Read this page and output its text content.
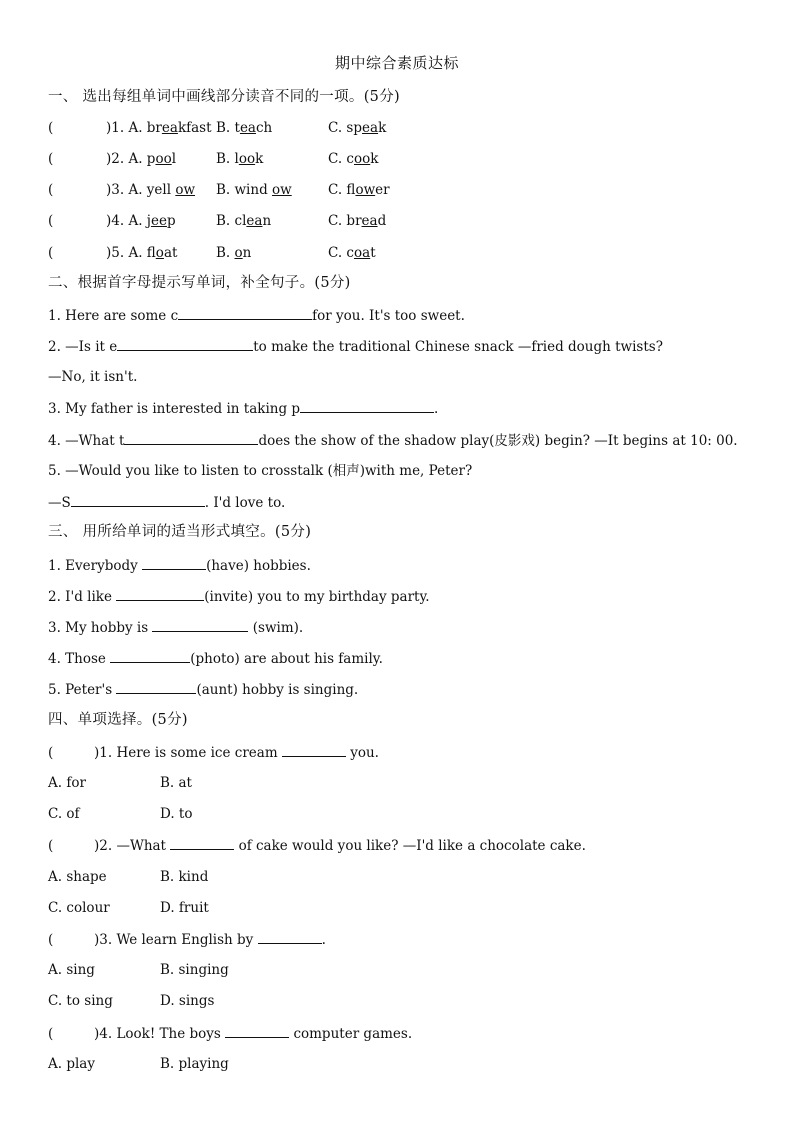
期中综合素质达标
一、 选出每组单词中画线部分读音不同的一项。(5分)
(	)1. A. breakfast B. teach	C. speak
(	)2. A. pool	B. look	C. cook
(	)3. A. yell ow B. wind ow	C. flower
(	)4. A. jeep	B. clean	C. bread
(	)5. A. float	B. on	C. coat
二、根据首字母提示写单词，补全句子。(5分)
1. Here are some c	for you. It's too sweet.
2. —Is it e	to make the traditional Chinese snack —fried dough twists?
—No, it isn't.
3. My father is interested in taking p	.
4. —What t	does the show of the shadow play(皮影戏) begin? —It begins at 10: 00.
5. —Would you like to listen to crosstalk (相声)with me, Peter?
—S	. I'd love to.
三、 用所给单词的适当形式填空。(5分)
1. Everybody	(have) hobbies.
2. I'd like	(invite) you to my birthday party.
3. My hobby is	(swim).
4. Those	(photo) are about his family.
5. Peter's	(aunt) hobby is singing.
四、单项选择。(5分)
(	)1. Here is some ice cream	you.
A. for	B. at
C. of	D. to
(	)2. —What	of cake would you like? —I'd like a chocolate cake.
A. shape	B. kind
C. colour	D. fruit
(	)3. We learn English by	.
A. sing	B. singing
C. to sing	D. sings
(	)4. Look! The boys	computer games.
A. play	B. playing
